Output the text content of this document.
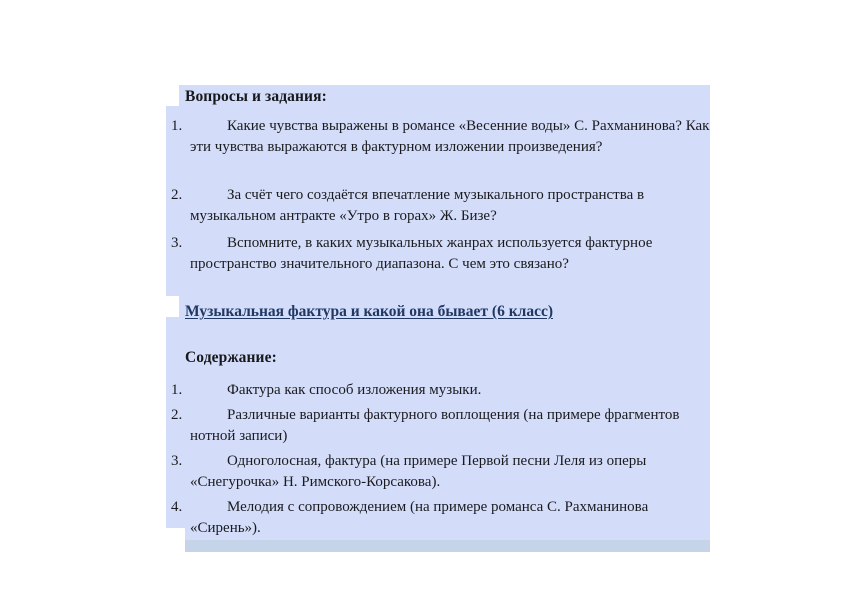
Вопросы и задания:
1.	Какие чувства выражены в романсе «Весенние воды» С. Рахманинова? Как эти чувства выражаются в фактурном изложении произведения?
2.	За счёт чего создаётся впечатление музыкального пространства в музыкальном антракте «Утро в горах» Ж. Бизе?
3.	Вспомните, в каких музыкальных жанрах используется фактурное пространство значительного диапазона. С чем это связано?
Музыкальная фактура и какой она бывает (6 класс)
Содержание:
1.	Фактура как способ изложения музыки.
2.	Различные варианты фактурного воплощения (на примере фрагментов нотной записи)
3.	Одноголосная, фактура (на примере Первой песни Леля из оперы «Снегурочка» Н. Римского-Корсакова).
4.	Мелодия с сопровождением (на примере романса С. Рахманинова «Сирень»).
